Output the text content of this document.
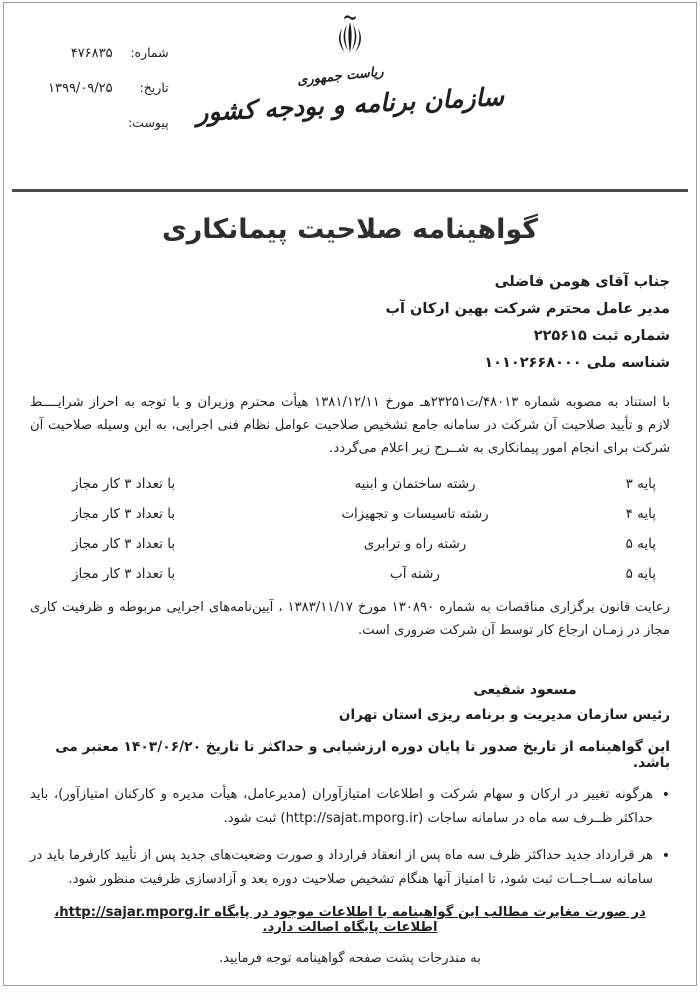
شماره:
۴۷۶۸۳۵
تاریخ:
۱۳۹۹/۰۹/۲۵
پیوست:
ریاست جمهوری
سازمان برنامه و بودجه کشور
گواهینامه صلاحیت پیمانکاری
جناب آقای هومن فاضلی
مدیر عامل محترم شرکت بهین ارکان آب
شماره ثبت ۲۲۵۶۱۵
شناسه ملی ۱۰۱۰۲۶۶۸۰۰۰

با استناد به مصوبه شماره ۴۸۰۱۳/ت۲۳۲۵۱هـ مورخ ۱۳۸۱/۱۲/۱۱ هیأت محترم وزیران و با توجه به احراز شرایــــط لازم و تأیید صلاحیت آن شرکت در سامانه جامع تشخیص صلاحیت عوامل نظام فنی اجرایی، به این وسیله صلاحیت آن شرکت برای انجام امور پیمانکاری به شــرح زیر اعلام می‌گردد.

پایه ۳
رشته ساختمان و ابنیه
با تعداد ۳ کار مجاز
پایه ۴
رشته تاسیسات و تجهیزات
با تعداد ۳ کار مجاز
پایه ۵
رشته راه و ترابری
با تعداد ۳ کار مجاز
پایه ۵
رشته آب
با تعداد ۳ کار مجاز

رعایت قانون برگزاری مناقصات به شماره ۱۳۰۸۹۰ مورخ ۱۳۸۳/۱۱/۱۷ ، آیین‌نامه‌های اجرایی مربوطه و ظرفیت کاری مجاز در زمـان ارجاع کار توسط آن شرکت ضروری است.

مسعود شفیعی
رئیس سازمان مدیریت و برنامه ریزی استان تهران

این گواهینامه از تاریخ صدور تا پایان دوره ارزشیابی و حداکثر تا تاریخ ۱۴۰۳/۰۶/۲۰ معتبر می باشد.

•
هرگونه تغییر در ارکان و سهام شرکت و اطلاعات امتیازآوران (مدیرعامل، هیأت مدیره و کارکنان امتیازآور)، باید حداکثر ظــرف سه ماه در سامانه ساجات (http://sajat.mporg.ir) ثبت شود.
•
هر قرارداد جدید حداکثر ظرف سه ماه پس از انعقاد قرارداد و صورت وضعیت‌های جدید پس از تأیید کارفرما باید در سامانه ســاجــات ثبت شود، تا امتیاز آنها هنگام تشخیص صلاحیت دوره بعد و آزادسازی ظرفیت منظور شود.

در صورت مغایرت مطالب این گواهینامه با اطلاعات موجود در پایگاه http://sajar.mporg.ir، اطلاعات پایگاه اصالت دارد.

به مندرجات پشت صفحه گواهینامه توجه فرمایید.
